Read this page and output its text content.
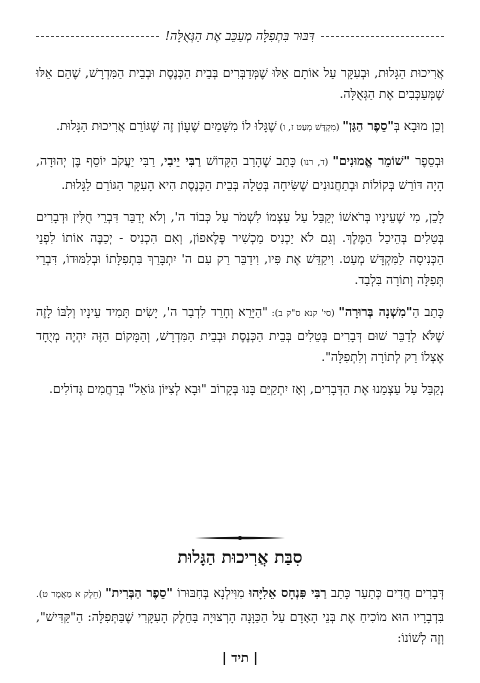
דִּבּוּר בִּתְפִלָּה מְעַכֵּב אֶת הַגְּאֻלָּה!

אֲרִיכוּת הַגָּלוּת, וּבְעִקָּר עַל אוֹתָם אֵלּוּ שֶׁמְּדַבְּרִים בְּבֵית הַכְּנֶסֶת וּבְבֵית הַמִּדְרָשׁ, שֶׁהֵם אֵלּוּ שֶׁמְּעַכְּבִים אֶת הַגְּאֻלָּה.

וְכֵן מוּבָא בְּ"סֵפֶר הַגַּן" (מִקְדָּשׁ מְעַט ז, ו) שֶׁגָּלוּ לוֹ מִשָּׁמַיִם שֶׁעָוֹן זֶה שֶׁגּוֹרֵם אֲרִיכוּת הַגָּלוּת.

וּבְסֵפֶר "שׁוֹמֵר אֱמוּנִים" (ד, רנו) כָּתַב שֶׁהָרַב הַקָּדוֹשׁ רַבִּי יֵיבִי, רַבִּי יַעֲקֹב יוֹסֵף בֶּן יְהוּדָה, הָיָה דּוֹרֵשׁ בְּקוֹלוֹת וּבְתַחֲנוּנִים שֶׁשִּׂיחָה בְּטֵלָה בְּבֵית הַכְּנֶסֶת הִיא הָעִקָּר הַגּוֹרֵם לַגָּלוּת.

לָכֵן, מִי שֶׁעֵינָיו בְּרֹאשׁוֹ יְקַבֵּל עַל עַצְמוֹ לִשְׁמֹר עַל כְּבוֹד ה', וְלֹא יְדַבֵּר דִּבְרֵי חֻלִּין וּדְבָרִים בְּטֵלִים בְּהֵיכַל הַמֶּלֶךְ. וְגַם לֹא יַכְנִיס מַכְשִׁיר פֶּלֶאפוֹן, וְאִם הִכְנִיס - יְכַבֶּה אוֹתוֹ לִפְנֵי הַכְּנִיסָה לַמִּקְדָּשׁ מְעַט. וִיקַדֵּשׁ אֶת פִּיו, וִידַבֵּר רַק עִם ה' יִתְבָּרַךְ בִּתְפִלָּתוֹ וּבְלִמּוּדוֹ, דִּבְרֵי תְּפִלָּה וְתוֹרָה בִּלְבַד.

כָּתַב הַ"מִשְׁנָה בְּרוּרָה" (סי' קנא ס"ק ב): "הַיָּרֵא וְחָרֵד לִדְבַר ה', יָשִׂים תָּמִיד עֵינָיו וְלִבּוֹ לָזֶה שֶׁלֹּא לְדַבֵּר שׁוּם דְּבָרִים בְּטֵלִים בְּבֵית הַכְּנֶסֶת וּבְבֵית הַמִּדְרָשׁ, וְהַמָּקוֹם הַזֶּה יִהְיֶה מְיֻחָד אֶצְלוֹ רַק לְתוֹרָה וְלִתְפִלָּה".

נְקַבֵּל עַל עַצְמֵנוּ אֶת הַדְּבָרִים, וְאָז יִתְקַיֵּם בָּנוּ בְּקָרוֹב "וּבָא לְצִיּוֹן גּוֹאֵל" בְּרַחֲמִים גְּדוֹלִים.

סִבַּת אֲרִיכוּת הַגָּלוּת

דְּבָרִים חֲדִים כְּתַעַר כָּתַב רַבִּי פִּנְחָס אֵלִיָּהוּ מִוִּילְנָא בְּחִבּוּרוֹ "סֵפֶר הַבְּרִית" (חֵלֶק א מַאֲמָר ט). בִּדְבָרָיו הוּא מוֹכִיחַ אֶת בְּנֵי הָאָדָם עַל הַכַּוָּנָה הָרְצוּיָה בַּחֵלֶק הָעִקָּרִי שֶׁבַּתְּפִלָּה: הַ"קַּדִּישׁ", וְזֶה לְשׁוֹנוֹ:

| תיד |
